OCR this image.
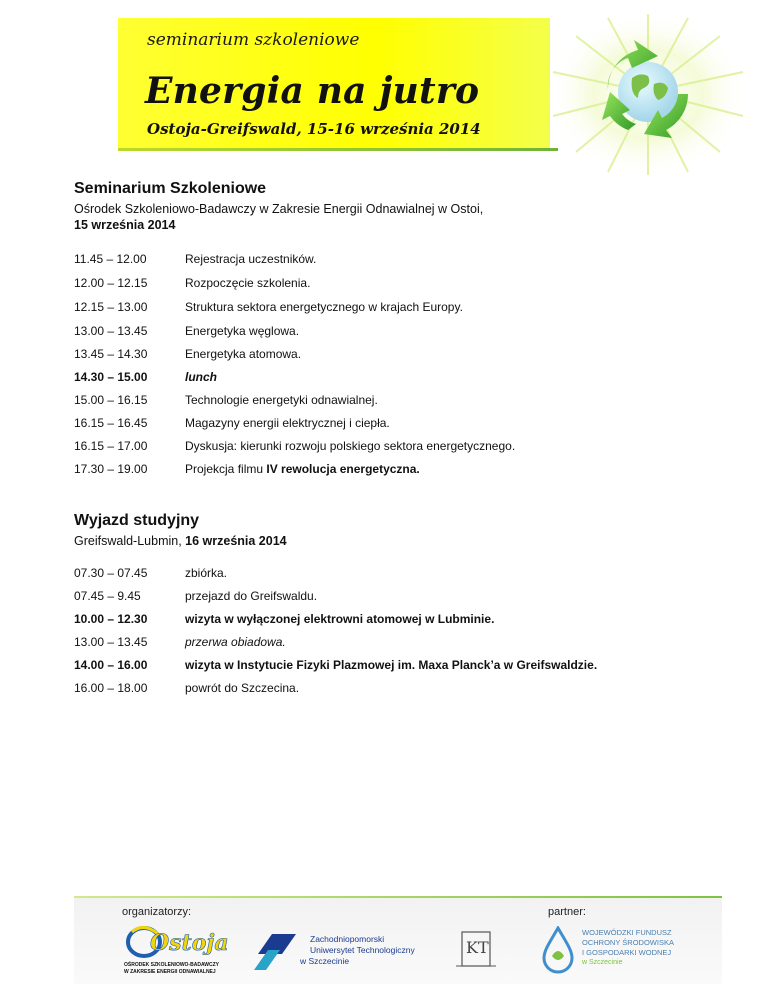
seminarium szkoleniowe
Energia na jutro
Ostoja-Greifswald, 15-16 września 2014
Seminarium Szkoleniowe
Ośrodek Szkoleniowo-Badawczy w Zakresie Energii Odnawialnej w Ostoi,
15 września 2014
11.45 – 12.00	Rejestracja uczestników.
12.00 – 12.15	Rozpoczęcie szkolenia.
12.15 – 13.00	Struktura sektora energetycznego w krajach Europy.
13.00 – 13.45	Energetyka węglowa.
13.45 – 14.30	Energetyka atomowa.
14.30 – 15.00	lunch
15.00 – 16.15	Technologie energetyki odnawialnej.
16.15 – 16.45	Magazyny energii elektrycznej i ciepła.
16.15 – 17.00	Dyskusja: kierunki rozwoju polskiego sektora energetycznego.
17.30 – 19.00	Projekcja filmu IV rewolucja energetyczna.
Wyjazd studyjny
Greifswald-Lubmin, 16 września 2014
07.30 – 07.45	zbiórka.
07.45 – 9.45	przejazd do Greifswaldu.
10.00 – 12.30	wizyta w wyłączonej elektrowni atomowej w Lubminie.
13.00 – 13.45	przerwa obiadowa.
14.00 – 16.00	wizyta w Instytucie Fizyki Plazmowej im. Maxa Planck’a w Greifswaldzie.
16.00 – 18.00	powrót do Szczecina.
organizatorzy:	partner:
Ostoja
OŚRODEK SZKOLENIOWO-BADAWCZY
W ZAKRESIE ENERGII ODNAWIALNEJ
Zachodniopomorski
Uniwersytet Technologiczny
w Szczecinie
KT
WOJEWÓDZKI FUNDUSZ
OCHRONY ŚRODOWISKA
I GOSPODARKI WODNEJ
w Szczecinie
